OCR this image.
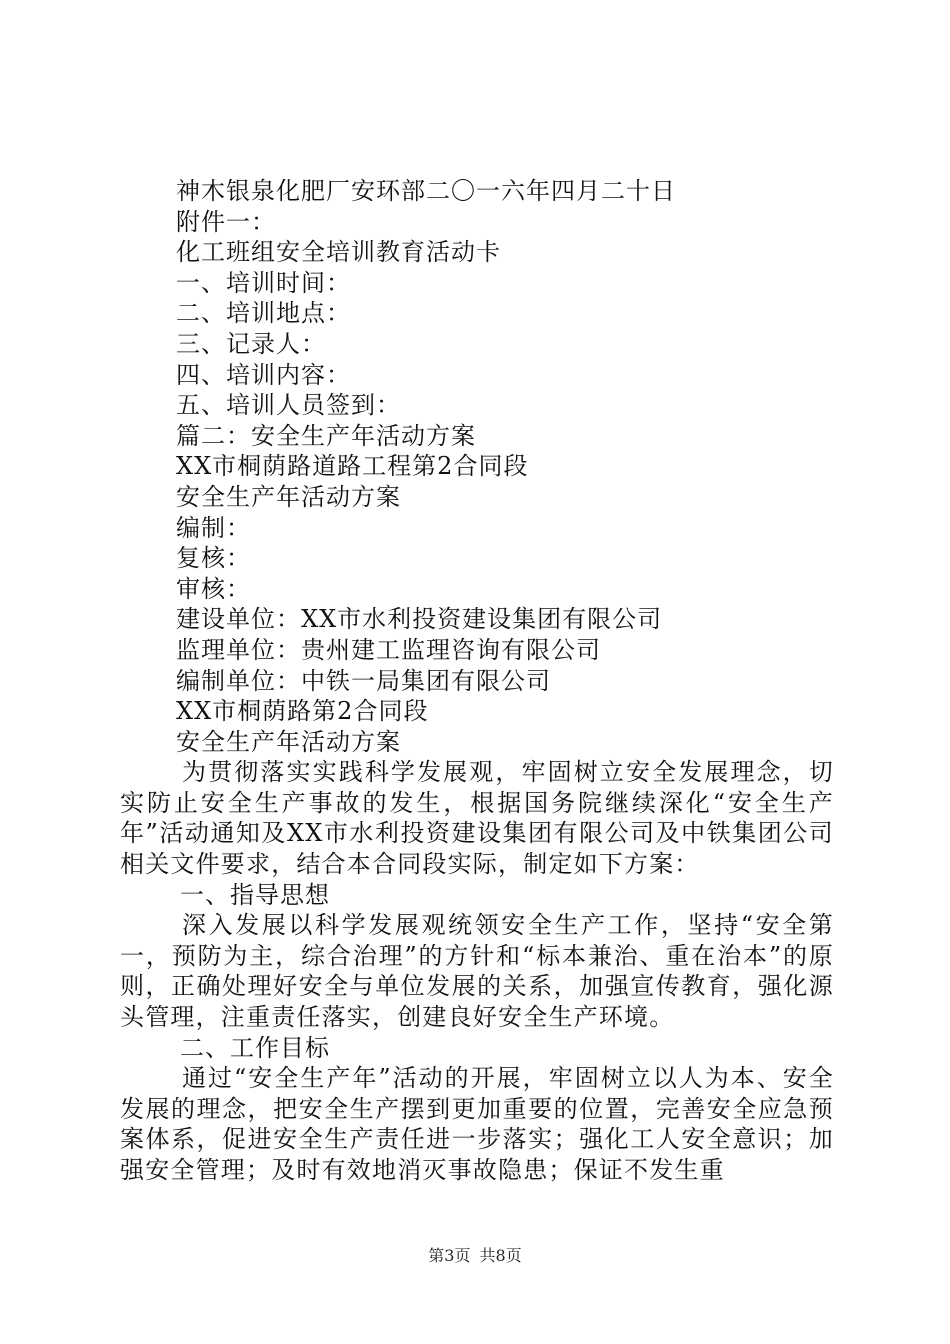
神木银泉化肥厂安环部二〇一六年四月二十日
附件一：
化工班组安全培训教育活动卡
一、培训时间：
二、培训地点：
三、记录人：
四、培训内容：
五、培训人员签到：
篇二：安全生产年活动方案
XX市桐荫路道路工程第2合同段
安全生产年活动方案
编制：
复核：
审核：
建设单位：XX市水利投资建设集团有限公司
监理单位：贵州建工监理咨询有限公司
编制单位：中铁一局集团有限公司
XX市桐荫路第2合同段
安全生产年活动方案

为贯彻落实实践科学发展观，牢固树立安全发展理念，切实防止安全生产事故的发生，根据国务院继续深化“安全生产年”活动通知及XX市水利投资建设集团有限公司及中铁集团公司相关文件要求，结合本合同段实际，制定如下方案：

一、指导思想

深入发展以科学发展观统领安全生产工作，坚持“安全第一，预防为主，综合治理”的方针和“标本兼治、重在治本”的原则，正确处理好安全与单位发展的关系，加强宣传教育，强化源头管理，注重责任落实，创建良好安全生产环境。

二、工作目标

通过“安全生产年”活动的开展，牢固树立以人为本、安全发展的理念，把安全生产摆到更加重要的位置，完善安全应急预案体系，促进安全生产责任进一步落实；强化工人安全意识；加强安全管理；及时有效地消灭事故隐患；保证不发生重

第3页 共8页
